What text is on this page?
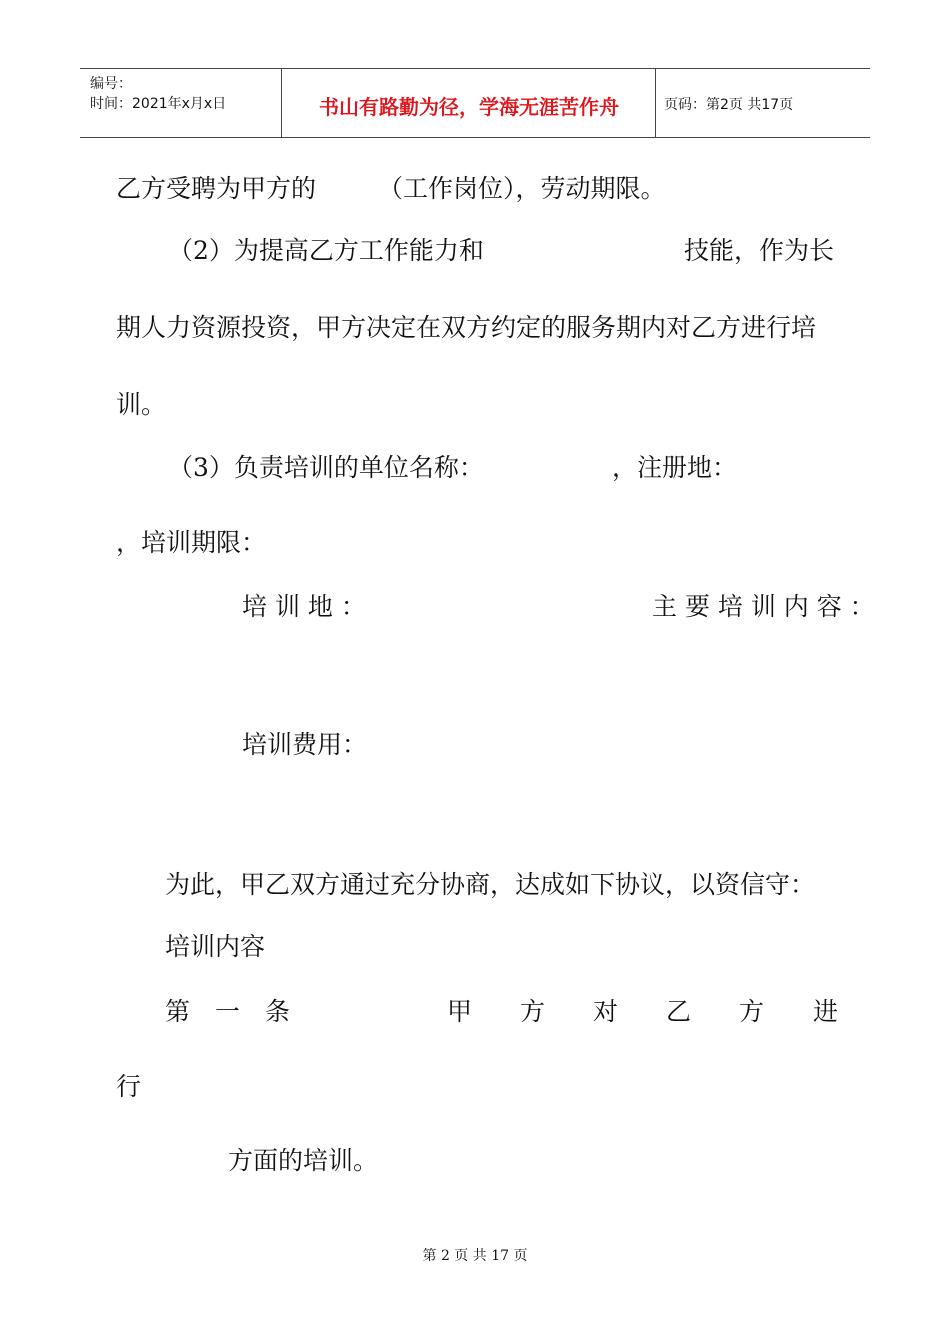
编号：
时间：2021年x月x日	书山有路勤为径，学海无涯苦作舟	页码：第2页 共17页
乙方受聘为甲方的 （工作岗位），劳动期限。
（2）为提高乙方工作能力和	技能，作为长
期人力资源投资，甲方决定在双方约定的服务期内对乙方进行培
训。
（3）负责培训的单位名称：	，注册地：
，培训期限：
培 训 地 ：	主 要 培 训 内 容 ：
培训费用：
为此，甲乙双方通过充分协商，达成如下协议，以资信守：
培训内容
第　一　条	甲 方 对 乙 方 进
行
方面的培训。
第 2 页 共 17 页
